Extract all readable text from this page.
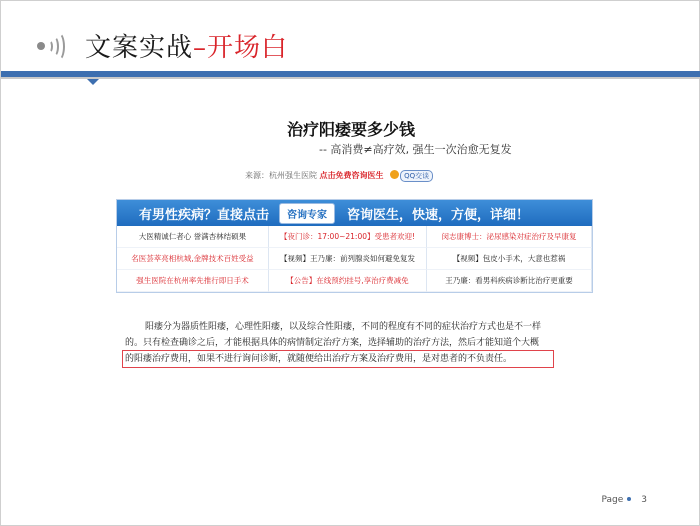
文案实战–开场白
治疗阳痿要多少钱
-- 高消费≠高疗效, 强生一次治愈无复发
来源：杭州强生医院 点击免费咨询医生	QQ交谈
有男性疾病？直接点击	咨询专家	咨询医生，快速，方便，详细！
大医精诚仁者心 誉满杏林结硕果	【夜门诊：17:00~21:00】受患者欢迎!	闵志康博士：泌尿感染对症治疗及早康复
名医荟萃亮相杭城,金牌技术百姓受益	【视频】王乃廉：前列腺炎如何避免复发	【视频】包皮小手术，大意也惹祸
强生医院在杭州率先推行即日手术	【公告】在线预约挂号,享治疗费减免	王乃廉：看男科疾病诊断比治疗更重要
阳痿分为器质性阳痿，心理性阳痿，以及综合性阳痿，不同的程度有不同的症状治疗方式也是不一样
的。只有检查确诊之后，才能根据具体的病情制定治疗方案，选择辅助的治疗方法，然后才能知道个大概
的阳痿治疗费用，如果不进行询问诊断，就随便给出治疗方案及治疗费用，是对患者的不负责任。
Page 3
